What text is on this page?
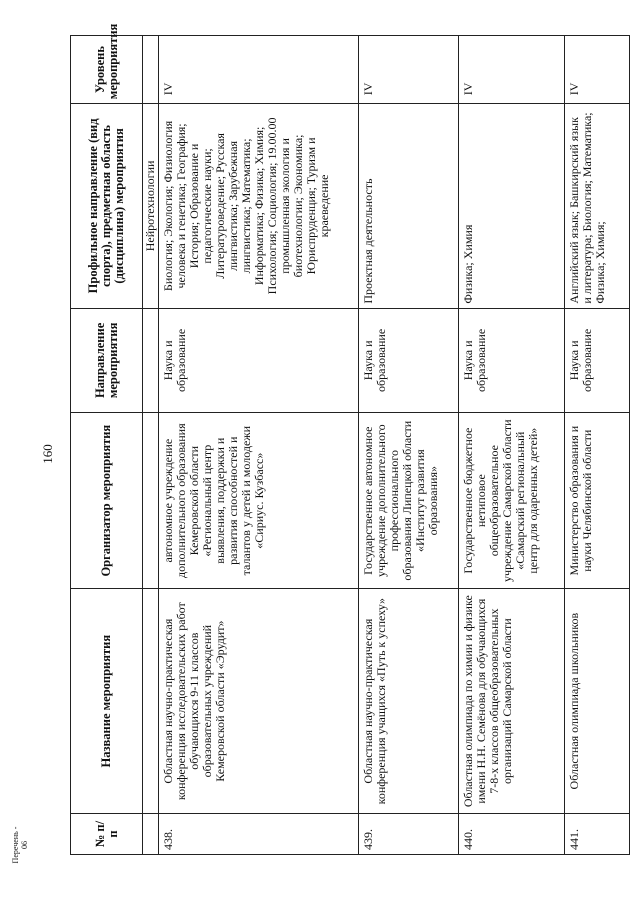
160
Перечень - 06	№ п/п	Название мероприятия	Организатор мероприятия	Направление мероприятия	Профильное направление (вид спорта), предметная область (дисциплина) мероприятия	Уровень мероприятия
				Нейротехнологии	
438.	Областная научно-практическая конференция исследовательских работ обучающихся 9-11 классов образовательных учреждений Кемеровской области «Эрудит»	автономное учреждение дополнительного образования Кемеровской области «Региональный центр выявления, поддержки и развития способностей и талантов у детей и молодежи «Сириус. Кузбасс»	Наука и образование	Биология; Экология; Физиология человека и генетика; География; История; Образование и педагогические науки; Литературоведение; Русская лингвистика; Зарубежная лингвистика; Математика; Информатика; Физика; Химия; Психология; Социология; 19.00.00 промышленная экология и биотехнологии; Экономика; Юриспруденция; Туризм и краеведение	IV
439.	Областная научно-практическая конференция учащихся «Путь к успеху»	Государственное автономное учреждение дополнительного профессионального образования Липецкой области «Институт развития образования»	Наука и образование	Проектная деятельность	IV
440.	Областная олимпиада по химии и физике имени Н.Н. Семёнова для обучающихся 7-8-х классов общеобразовательных организаций Самарской области	Государственное бюджетное нетиповое общеобразовательное учреждение Самарской области «Самарский региональный центр для одаренных детей»	Наука и образование	Физика; Химия	IV
441.	Областная олимпиада школьников	Министерство образования и науки Челябинской области	Наука и образование	Английский язык; Башкирский язык и литература; Биология; Математика; Физика; Химия;	IV
